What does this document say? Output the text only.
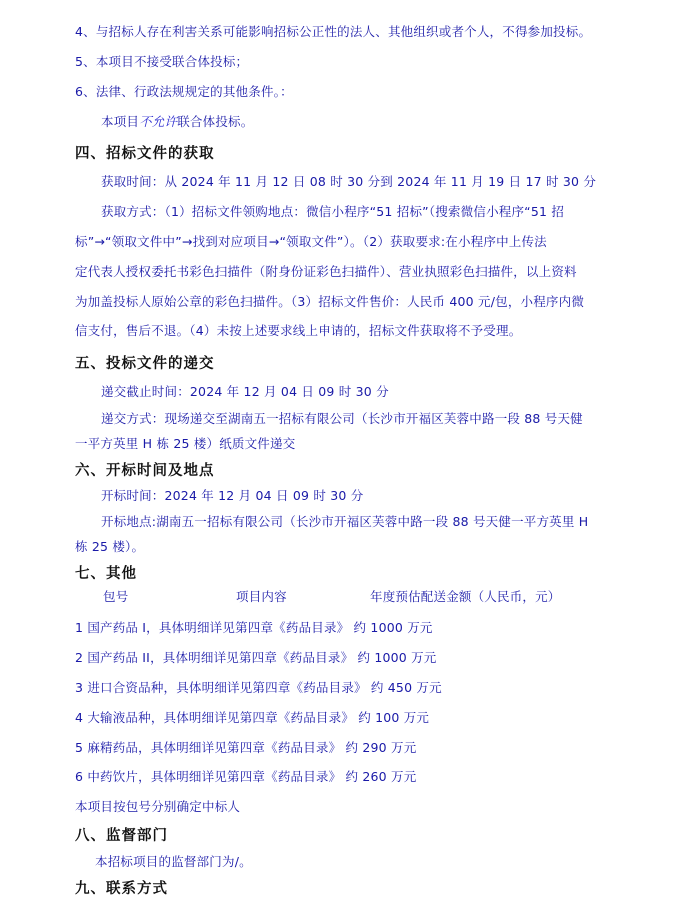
4、与招标人存在利害关系可能影响招标公正性的法人、其他组织或者个人，不得参加投标。
5、本项目不接受联合体投标；
6、法律、行政法规规定的其他条件。：
本项目不允许联合体投标。
四、招标文件的获取
获取时间：从 2024 年 11 月 12 日 08 时 30 分到 2024 年 11 月 19 日 17 时 30 分
获取方式：（1）招标文件领购地点：微信小程序“51 招标”（搜索微信小程序“51 招
标”→“领取文件中”→找到对应项目→“领取文件”）。（2）获取要求:在小程序中上传法
定代表人授权委托书彩色扫描件（附身份证彩色扫描件）、营业执照彩色扫描件，以上资料
为加盖投标人原始公章的彩色扫描件。（3）招标文件售价：人民币 400 元/包，小程序内微
信支付，售后不退。（4）未按上述要求线上申请的，招标文件获取将不予受理。
五、投标文件的递交
递交截止时间：2024 年 12 月 04 日 09 时 30 分
递交方式：现场递交至湖南五一招标有限公司（长沙市开福区芙蓉中路一段 88 号天健
一平方英里 H 栋 25 楼）纸质文件递交
六、开标时间及地点
开标时间：2024 年 12 月 04 日 09 时 30 分
开标地点:湖南五一招标有限公司（长沙市开福区芙蓉中路一段 88 号天健一平方英里 H
栋 25 楼）。
七、其他
包号	项目内容	年度预估配送金额（人民币，元）
1 国产药品 I，具体明细详见第四章《药品目录》 约 1000 万元
2 国产药品 II，具体明细详见第四章《药品目录》 约 1000 万元
3 进口合资品种，具体明细详见第四章《药品目录》 约 450 万元
4 大输液品种，具体明细详见第四章《药品目录》 约 100 万元
5 麻精药品，具体明细详见第四章《药品目录》 约 290 万元
6 中药饮片，具体明细详见第四章《药品目录》 约 260 万元
本项目按包号分别确定中标人
八、监督部门
本招标项目的监督部门为/。
九、联系方式
